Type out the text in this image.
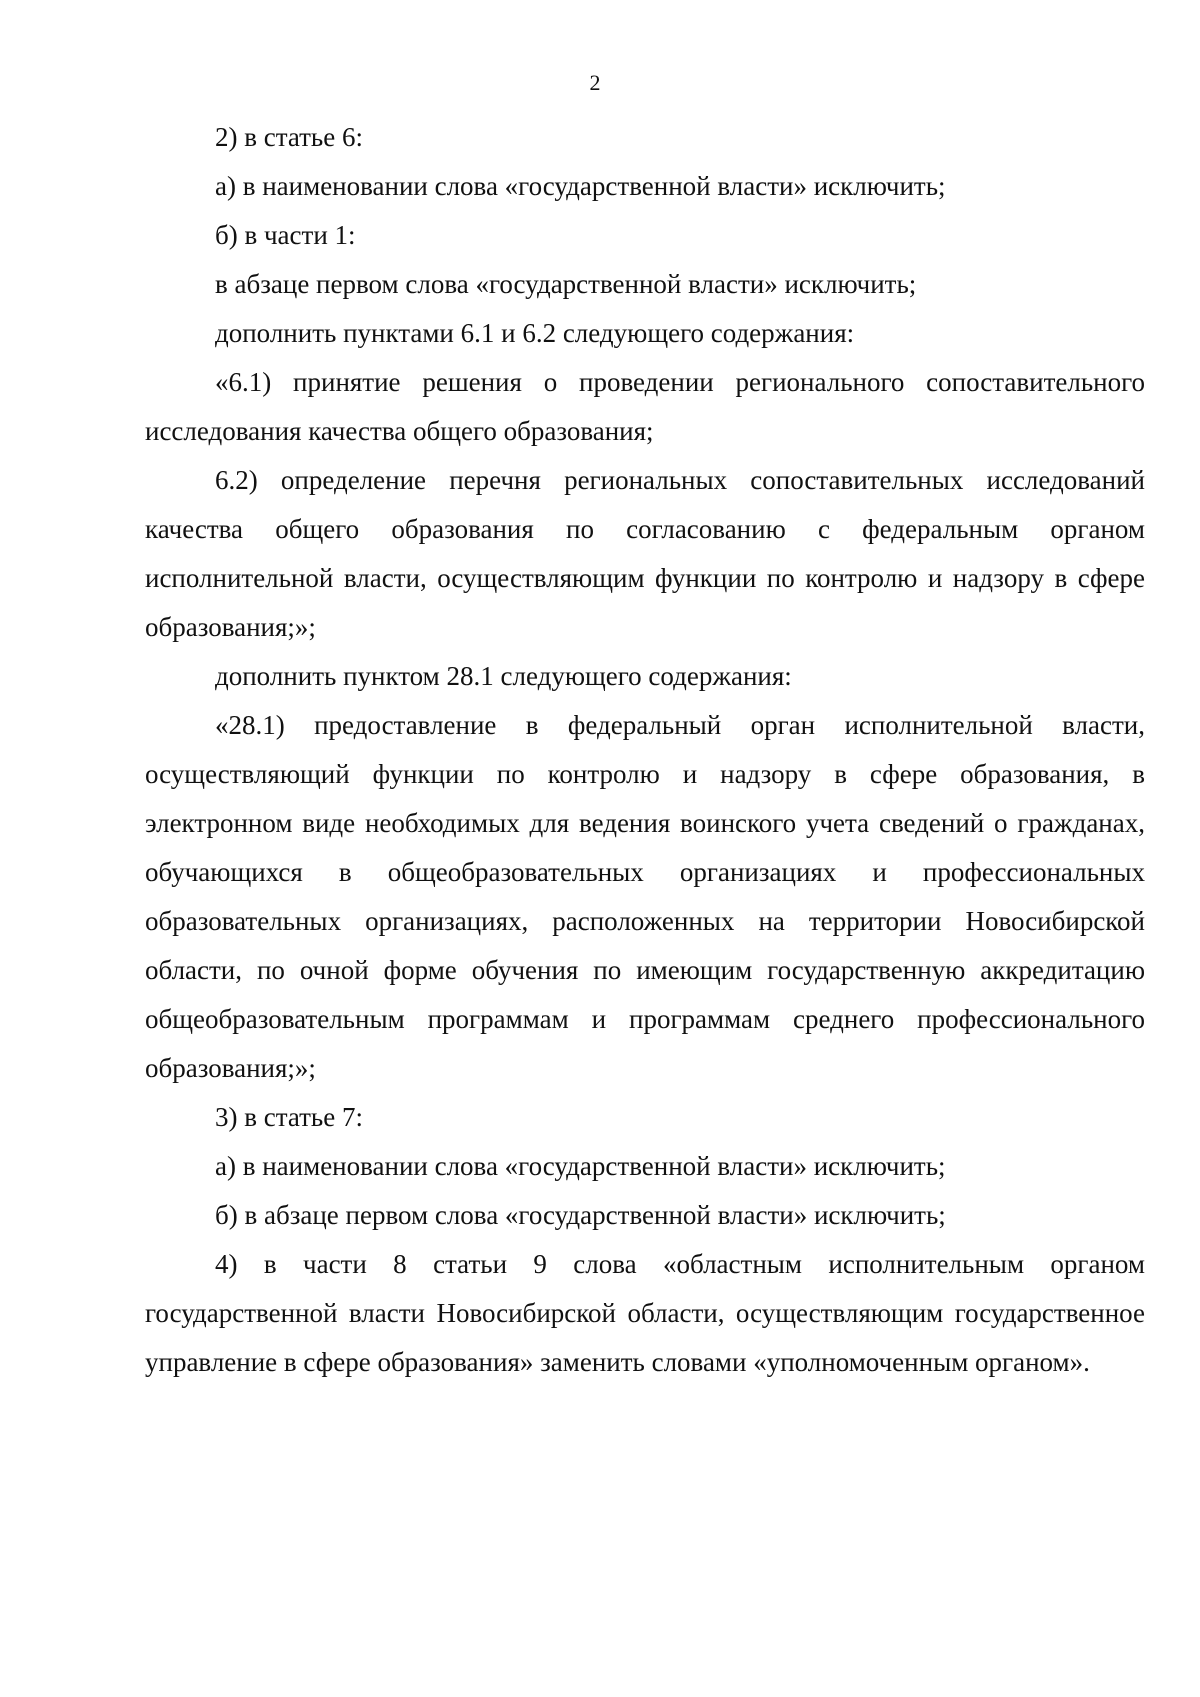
2

2) в статье 6:

а) в наименовании слова «государственной власти» исключить;

б) в части 1:

в абзаце первом слова «государственной власти» исключить;

дополнить пунктами 6.1 и 6.2 следующего содержания:

«6.1) принятие решения о проведении регионального сопоставительного исследования качества общего образования;

6.2) определение перечня региональных сопоставительных исследований качества общего образования по согласованию с федеральным органом исполнительной власти, осуществляющим функции по контролю и надзору в сфере образования;»;

дополнить пунктом 28.1 следующего содержания:

«28.1) предоставление в федеральный орган исполнительной власти, осуществляющий функции по контролю и надзору в сфере образования, в электронном виде необходимых для ведения воинского учета сведений о гражданах, обучающихся в общеобразовательных организациях и профессиональных образовательных организациях, расположенных на территории Новосибирской области, по очной форме обучения по имеющим государственную аккредитацию общеобразовательным программам и программам среднего профессионального образования;»;

3) в статье 7:

а) в наименовании слова «государственной власти» исключить;

б) в абзаце первом слова «государственной власти» исключить;

4) в части 8 статьи 9 слова «областным исполнительным органом государственной власти Новосибирской области, осуществляющим государственное управление в сфере образования» заменить словами «уполномоченным органом».
